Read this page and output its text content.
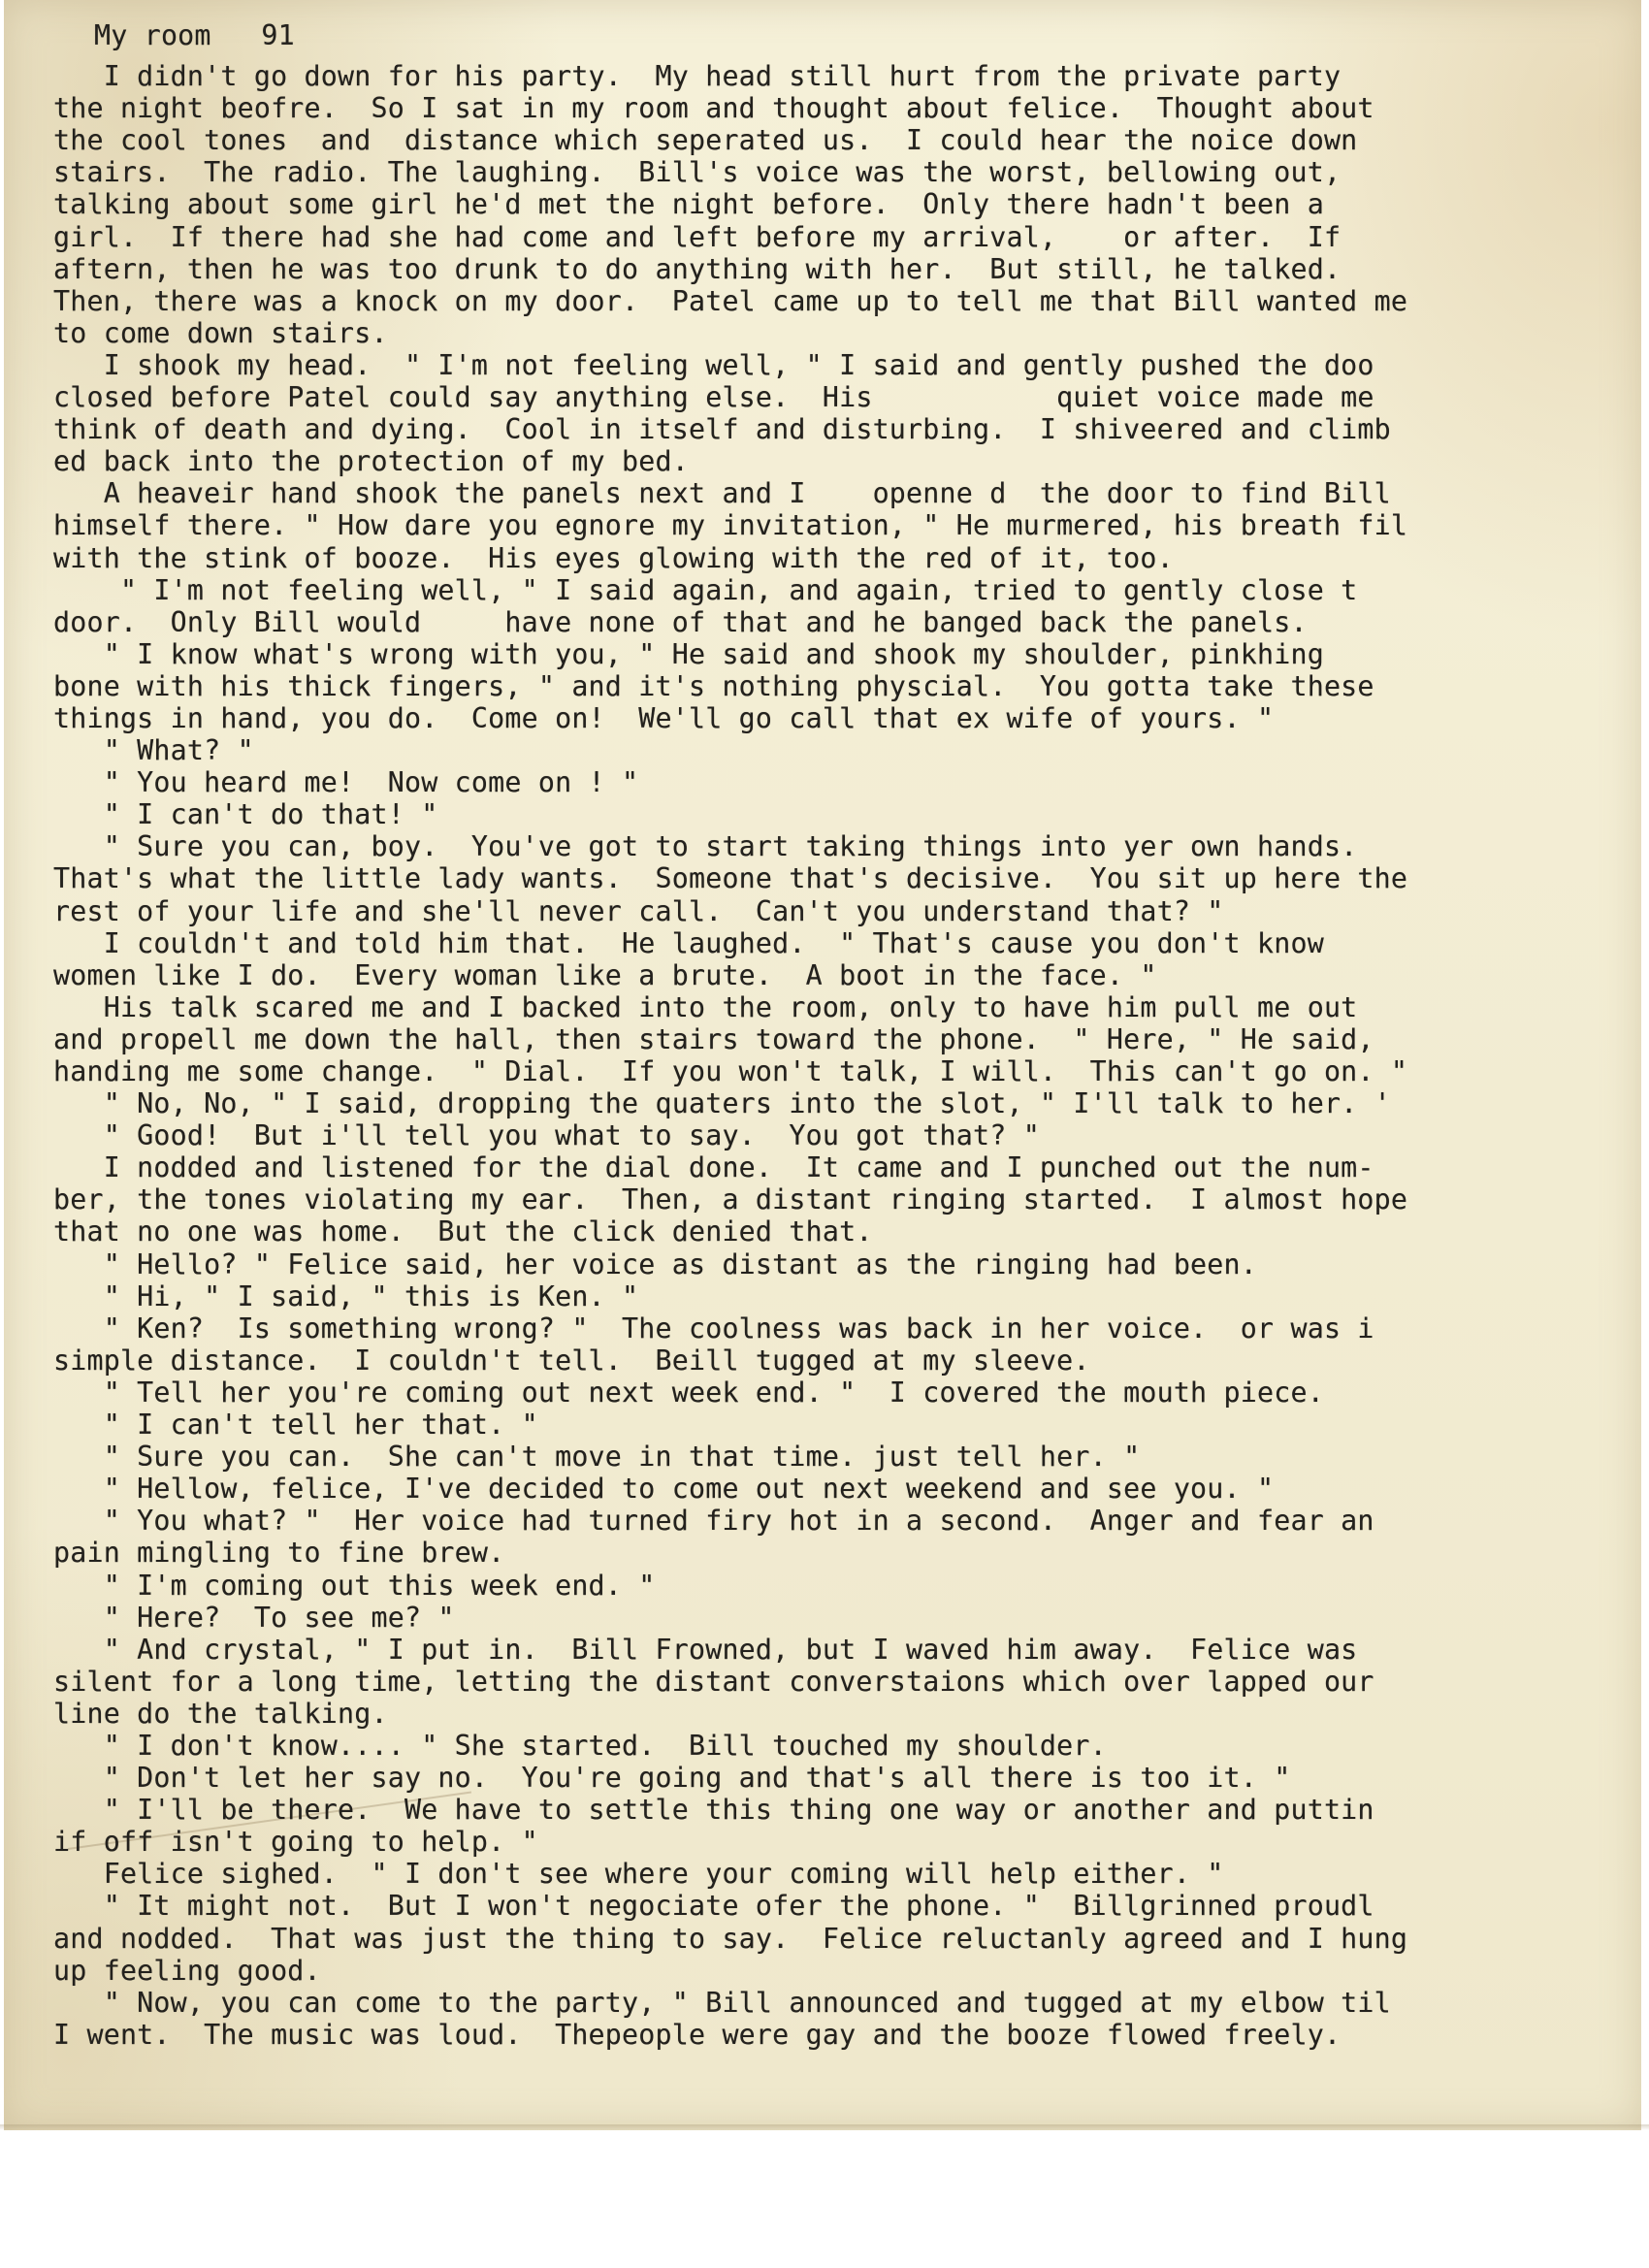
My room   91
I didn't go down for his party.  My head still hurt from the private party
the night beofre.  So I sat in my room and thought about felice.  Thought about
the cool tones  and  distance which seperated us.  I could hear the noice down
stairs.  The radio. The laughing.  Bill's voice was the worst, bellowing out,
talking about some girl he'd met the night before.  Only there hadn't been a
girl.  If there had she had come and left before my arrival,    or after.  If
aftern, then he was too drunk to do anything with her.  But still, he talked.
Then, there was a knock on my door.  Patel came up to tell me that Bill wanted me
to come down stairs.
I shook my head.  " I'm not feeling well, " I said and gently pushed the doo
closed before Patel could say anything else.  His           quiet voice made me
think of death and dying.  Cool in itself and disturbing.  I shiveered and climb
ed back into the protection of my bed.
A heaveir hand shook the panels next and I    openne d  the door to find Bill
himself there. " How dare you egnore my invitation, " He murmered, his breath fil
with the stink of booze.  His eyes glowing with the red of it, too.
" I'm not feeling well, " I said again, and again, tried to gently close t
door.  Only Bill would     have none of that and he banged back the panels.
" I know what's wrong with you, " He said and shook my shoulder, pinkhing
bone with his thick fingers, " and it's nothing physcial.  You gotta take these
things in hand, you do.  Come on!  We'll go call that ex wife of yours. "
" What? "
" You heard me!  Now come on ! "
" I can't do that! "
" Sure you can, boy.  You've got to start taking things into yer own hands.
That's what the little lady wants.  Someone that's decisive.  You sit up here the
rest of your life and she'll never call.  Can't you understand that? "
I couldn't and told him that.  He laughed.  " That's cause you don't know
women like I do.  Every woman like a brute.  A boot in the face. "
His talk scared me and I backed into the room, only to have him pull me out
and propell me down the hall, then stairs toward the phone.  " Here, " He said,
handing me some change.  " Dial.  If you won't talk, I will.  This can't go on. "
" No, No, " I said, dropping the quaters into the slot, " I'll talk to her. '
" Good!  But i'll tell you what to say.  You got that? "
I nodded and listened for the dial done.  It came and I punched out the num-
ber, the tones violating my ear.  Then, a distant ringing started.  I almost hope
that no one was home.  But the click denied that.
" Hello? " Felice said, her voice as distant as the ringing had been.
" Hi, " I said, " this is Ken. "
" Ken?  Is something wrong? "  The coolness was back in her voice.  or was i
simple distance.  I couldn't tell.  Beill tugged at my sleeve.
" Tell her you're coming out next week end. "  I covered the mouth piece.
" I can't tell her that. "
" Sure you can.  She can't move in that time. just tell her. "
" Hellow, felice, I've decided to come out next weekend and see you. "
" You what? "  Her voice had turned firy hot in a second.  Anger and fear an
pain mingling to fine brew.
" I'm coming out this week end. "
" Here?  To see me? "
" And crystal, " I put in.  Bill Frowned, but I waved him away.  Felice was
silent for a long time, letting the distant converstaions which over lapped our
line do the talking.
" I don't know.... " She started.  Bill touched my shoulder.
" Don't let her say no.  You're going and that's all there is too it. "
" I'll be there.  We have to settle this thing one way or another and puttin
if off isn't going to help. "
Felice sighed.  " I don't see where your coming will help either. "
" It might not.  But I won't negociate ofer the phone. "  Billgrinned proudl
and nodded.  That was just the thing to say.  Felice reluctanly agreed and I hung
up feeling good.
" Now, you can come to the party, " Bill announced and tugged at my elbow til
I went.  The music was loud.  Thepeople were gay and the booze flowed freely.
